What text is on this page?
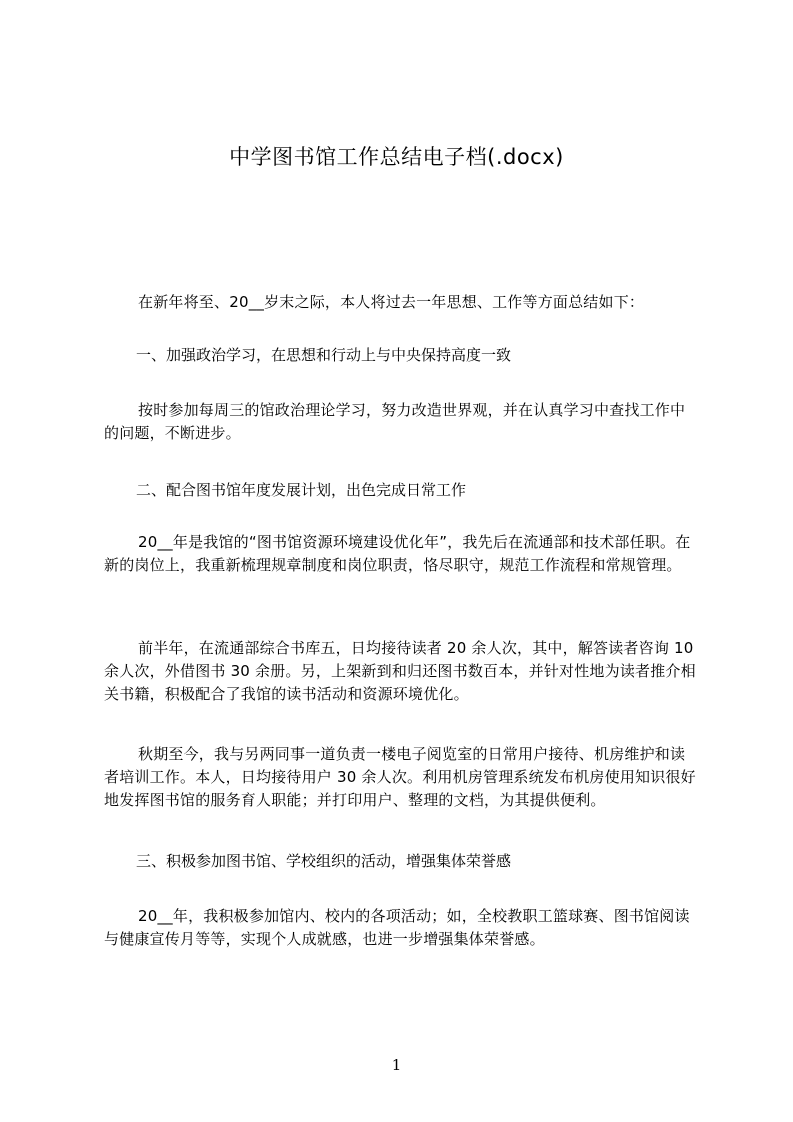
中学图书馆工作总结电子档(.docx)
在新年将至、20__岁末之际，本人将过去一年思想、工作等方面总结如下：
一、加强政治学习，在思想和行动上与中央保持高度一致
按时参加每周三的馆政治理论学习，努力改造世界观，并在认真学习中查找工作中的问题，不断进步。
二、配合图书馆年度发展计划，出色完成日常工作
20__年是我馆的“图书馆资源环境建设优化年”，我先后在流通部和技术部任职。在新的岗位上，我重新梳理规章制度和岗位职责，恪尽职守，规范工作流程和常规管理。
前半年，在流通部综合书库五，日均接待读者 20 余人次，其中，解答读者咨询 10 余人次，外借图书 30 余册。另，上架新到和归还图书数百本，并针对性地为读者推介相关书籍，积极配合了我馆的读书活动和资源环境优化。
秋期至今，我与另两同事一道负责一楼电子阅览室的日常用户接待、机房维护和读者培训工作。本人，日均接待用户 30 余人次。利用机房管理系统发布机房使用知识很好地发挥图书馆的服务育人职能；并打印用户、整理的文档，为其提供便利。
三、积极参加图书馆、学校组织的活动，增强集体荣誉感
20__年，我积极参加馆内、校内的各项活动；如，全校教职工篮球赛、图书馆阅读与健康宣传月等等，实现个人成就感，也进一步增强集体荣誉感。
1
